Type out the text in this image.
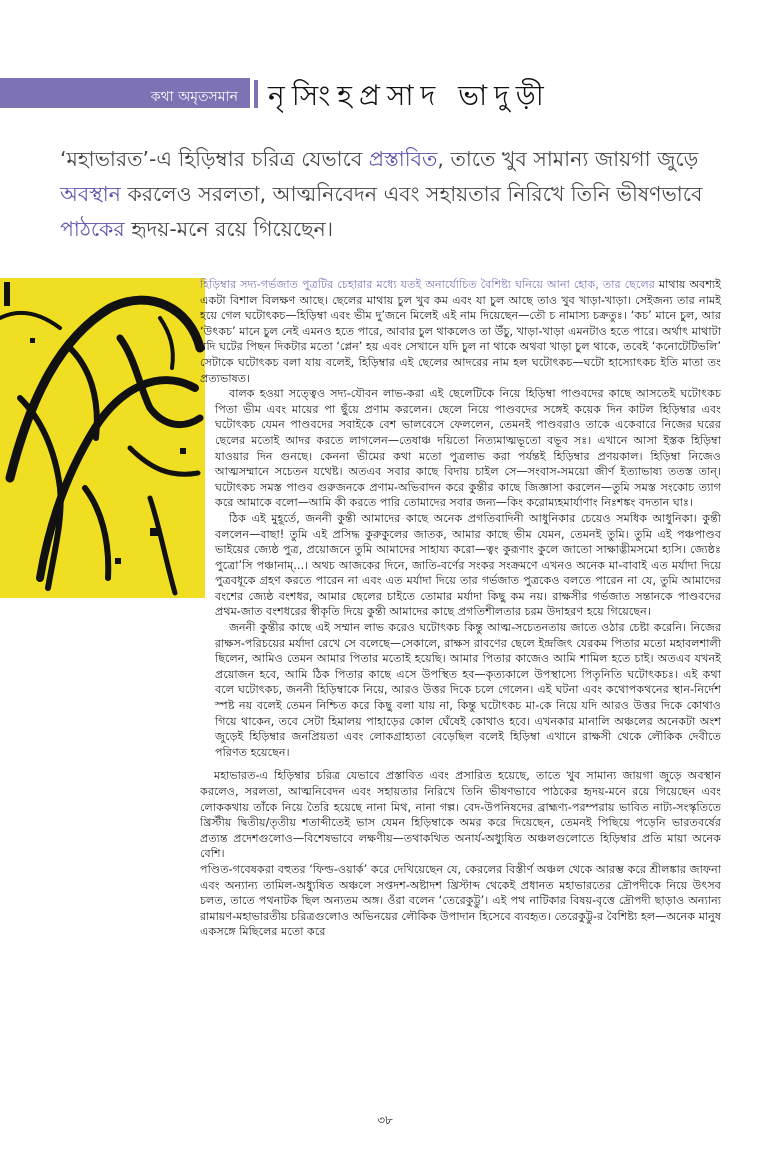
কথা অমৃতসমান নৃসিংহপ্রসাদ ভাদুড়ী
‘মহাভারত’-এ হিড়িম্বার চরিত্র যেভাবে প্রস্তাবিত, তাতে খুব সামান্য জায়গা জুড়ে অবস্থান করলেও সরলতা, আত্মনিবেদন এবং সহায়তার নিরিখে তিনি ভীষণভাবে পাঠকের হৃদয়-মনে রয়ে গিয়েছেন।

হিড়িম্বার সদ্য-গর্ভজাত পুত্রটির চেহারার মধ্যে যতই অনার্যোচিত বৈশিষ্ট্য ঘনিয়ে আনা হোক, তার ছেলের মাথায় অবশ্যই একটা বিশাল বিলক্ষণ আছে। ছেলের মাথায় চুল খুব কম এবং যা চুল আছে তাও খুব খাড়া-খাড়া। সেইজন্য তার নামই হয়ে গেল ঘটোৎকচ—হিড়িম্বা এবং ভীম দু’জনে মিলেই এই নাম দিয়েছেন—তৌ চ নামাস্য চক্রতুঃ। ‘কচ’ মানে চুল, আর ‘উৎকচ’ মানে চুল নেই এমনও হতে পারে, আবার চুল থাকলেও তা উঁচু, খাড়া-খাড়া এমনটাও হতে পারে। অর্থাৎ মাথাটা যদি ঘটের পিছন দিকটার মতো ‘প্লেন’ হয় এবং সেখানে যদি চুল না থাকে অথবা খাড়া চুল থাকে, তবেই ‘কনোটেটিভলি’ সেটাকে ঘটোৎকচ বলা যায় বলেই, হিড়িম্বার এই ছেলের আদরের নাম হল ঘটোৎকচ—ঘটো হাস্যোৎকচ ইতি মাতা তং প্রত্যভাষত।

বালক হওয়া সত্ত্বেও সদ্য-যৌবন লাভ-করা এই ছেলেটিকে নিয়ে হিড়িম্বা পাণ্ডবদের কাছে আসতেই ঘটোৎকচ পিতা ভীম এবং মায়ের পা ছুঁয়ে প্রণাম করলেন। ছেলে নিয়ে পাণ্ডবদের সঙ্গেই কয়েক দিন কাটল হিড়িম্বার এবং ঘটোৎকচ যেমন পাণ্ডবদের সবাইকে বেশ ভালবেসে ফেললেন, তেমনই পাণ্ডবরাও তাকে একেবারে নিজের ঘরের ছেলের মতোই আদর করতে লাগলেন—তেষাঞ্চ দয়িতো নিত্যমাত্মভূতো বভূব সঃ। এখানে আসা ইস্তক হিড়িম্বা যাওয়ার দিন গুনছে। কেননা ভীমের কথা মতো পুত্রলাভ করা পর্যন্তই হিড়িম্বার প্রণয়কাল। হিড়িম্বা নিজেও আত্মসম্মানে সচেতন যথেষ্ট। অতএব সবার কাছে বিদায় চাইল সে—সংবাস-সময়ো জীর্ণ ইত্যাভাষ্য ততস্ত তান্। ঘটোৎকচ সমস্ত পাণ্ডব গুরুজনকে প্রণাম-অভিবাদন করে কুন্তীর কাছে জিজ্ঞাসা করলেন—তুমি সমস্ত সংকোচ ত্যাগ করে আমাকে বলো—আমি কী করতে পারি তোমাদের সবার জন্য—কিং করোম্যহমার্যাণাং নিঃশঙ্কং বদতান ঘাঃ।

ঠিক এই মুহূর্তে, জননী কুন্তী আমাদের কাছে অনেক প্রগতিবাদিনী আধুনিকার চেয়েও সমধিক আধুনিকা। কুন্তী বললেন—বাছা! তুমি এই প্রসিদ্ধ কুরুকুলের জাতক, আমার কাছে ভীম যেমন, তেমনই তুমি। তুমি এই পঞ্চপাণ্ডব ভাইয়ের জ্যেষ্ঠ পুত্র, প্রয়োজনে তুমি আমাদের সাহায্য করো—ত্বং কুরূণাং কুলে জাতো সাক্ষাদ্ভীমসমো হ্যসি। জ্যেষ্ঠঃ পুত্রো’সি পঞ্চানাম্...। অথচ আজকের দিনে, জাতি-বর্ণের সংকর সংক্রমণে এখনও অনেক মা-বাবাই এত মর্যাদা দিয়ে পুত্রবধূকে গ্রহণ করতে পারেন না এবং এত মর্যাদা দিয়ে তার গর্ভজাত পুত্রকেও বলতে পারেন না যে, তুমি আমাদের বংশের জ্যেষ্ঠ বংশধর, আমার ছেলের চাইতে তোমার মর্যাদা কিছু কম নয়। রাক্ষসীর গর্ভজাত সন্তানকে পাণ্ডবদের প্রথম-জাত বংশধরের স্বীকৃতি দিয়ে কুন্তী আমাদের কাছে প্রগতিশীলতার চরম উদাহরণ হয়ে গিয়েছেন।

জননী কুন্তীর কাছে এই সম্মান লাভ করেও ঘটোৎকচ কিন্তু আত্ম-সচেতনতায় জাতে ওঠার চেষ্টা করেনি। নিজের রাক্ষস-পরিচয়ের মর্যাদা রেখে সে বলেছে—সেকালে, রাক্ষস রাবণের ছেলে ইন্দ্রজিৎ যেরকম পিতার মতো মহাবলশালী ছিলেন, আমিও তেমন আমার পিতার মতোই হয়েছি। আমার পিতার কাজেও আমি শামিল হতে চাই। অতএব যখনই প্রয়োজন হবে, আমি ঠিক পিতার কাছে এসে উপস্থিত হব—কৃত্যকালে উপস্থাস্যে পিতৄনিতি ঘটোৎকচঃ। এই কথা বলে ঘটোৎকচ, জননী হিড়িম্বাকে নিয়ে, আরও উত্তর দিকে চলে গেলেন। এই ঘটনা এবং কথোপকথনের স্থান-নির্দেশ স্পষ্ট নয় বলেই তেমন নিশ্চিত করে কিছু বলা যায় না, কিন্তু ঘটোৎকচ মা-কে নিয়ে যদি আরও উত্তর দিকে কোথাও গিয়ে থাকেন, তবে সেটা হিমালয় পাহাড়ের কোল ঘেঁষেই কোথাও হবে। এখনকার মানালি অঞ্চলের অনেকটা অংশ জুড়েই হিড়িম্বার জনপ্রিয়তা এবং লোকগ্রাহ্যতা বেড়েছিল বলেই হিড়িম্বা এখানে রাক্ষসী থেকে লৌকিক দেবীতে পরিণত হয়েছেন।

মহাভারত-এ হিড়িম্বার চরিত্র যেভাবে প্রস্তাবিত এবং প্রসারিত হয়েছে, তাতে খুব সামান্য জায়গা জুড়ে অবস্থান করলেও, সরলতা, আত্মনিবেদন এবং সহায়তার নিরিখে তিনি ভীষণভাবে পাঠকের হৃদয়-মনে রয়ে গিয়েছেন এবং লোককথায় তাঁকে নিয়ে তৈরি হয়েছে নানা মিথ, নানা গল্প। বেদ-উপনিষদের ব্রাহ্মণ্য-পরম্পরায় ভাবিত নাট্য-সংস্কৃতিতে খ্রিস্টীয় দ্বিতীয়/তৃতীয় শতাব্দীতেই ভাস যেমন হিড়িম্বাকে অমর করে দিয়েছেন, তেমনই পিছিয়ে পড়েনি ভারতবর্ষের প্রত্যন্ত প্রদেশগুলোও—বিশেষভাবে লক্ষণীয়—তথাকথিত অনার্য-অধ্যুষিত অঞ্চলগুলোতে হিড়িম্বার প্রতি মায়া অনেক বেশি।

পণ্ডিত-গবেষকরা বহুতর ‘ফিল্ড-ওয়ার্ক’ করে দেখিয়েছেন যে, কেরলের বিস্তীর্ণ অঞ্চল থেকে আরম্ভ করে শ্রীলঙ্কার জাফনা এবং অন্যান্য তামিল-অধ্যুষিত অঞ্চলে সপ্তদশ-অষ্টাদশ খ্রিস্টাব্দ থেকেই প্রধানত মহাভারতের দ্রৌপদীকে নিয়ে উৎসব চলত, তাতে পথনাটক ছিল অন্যতম অঙ্গ। ওঁরা বলেন ‘তেরেকুট্টু’। এই পথ নাটিকার বিষয়-বৃত্তে দ্রৌপদী ছাড়াও অন্যান্য রামায়ণ-মহাভারতীয় চরিত্রগুলোও অভিনয়ের লৌকিক উপাদান হিসেবে ব্যবহৃত। তেরেকুট্টু-র বৈশিষ্ট্য হল—অনেক মানুষ একসঙ্গে মিছিলের মতো করে

৩৮
